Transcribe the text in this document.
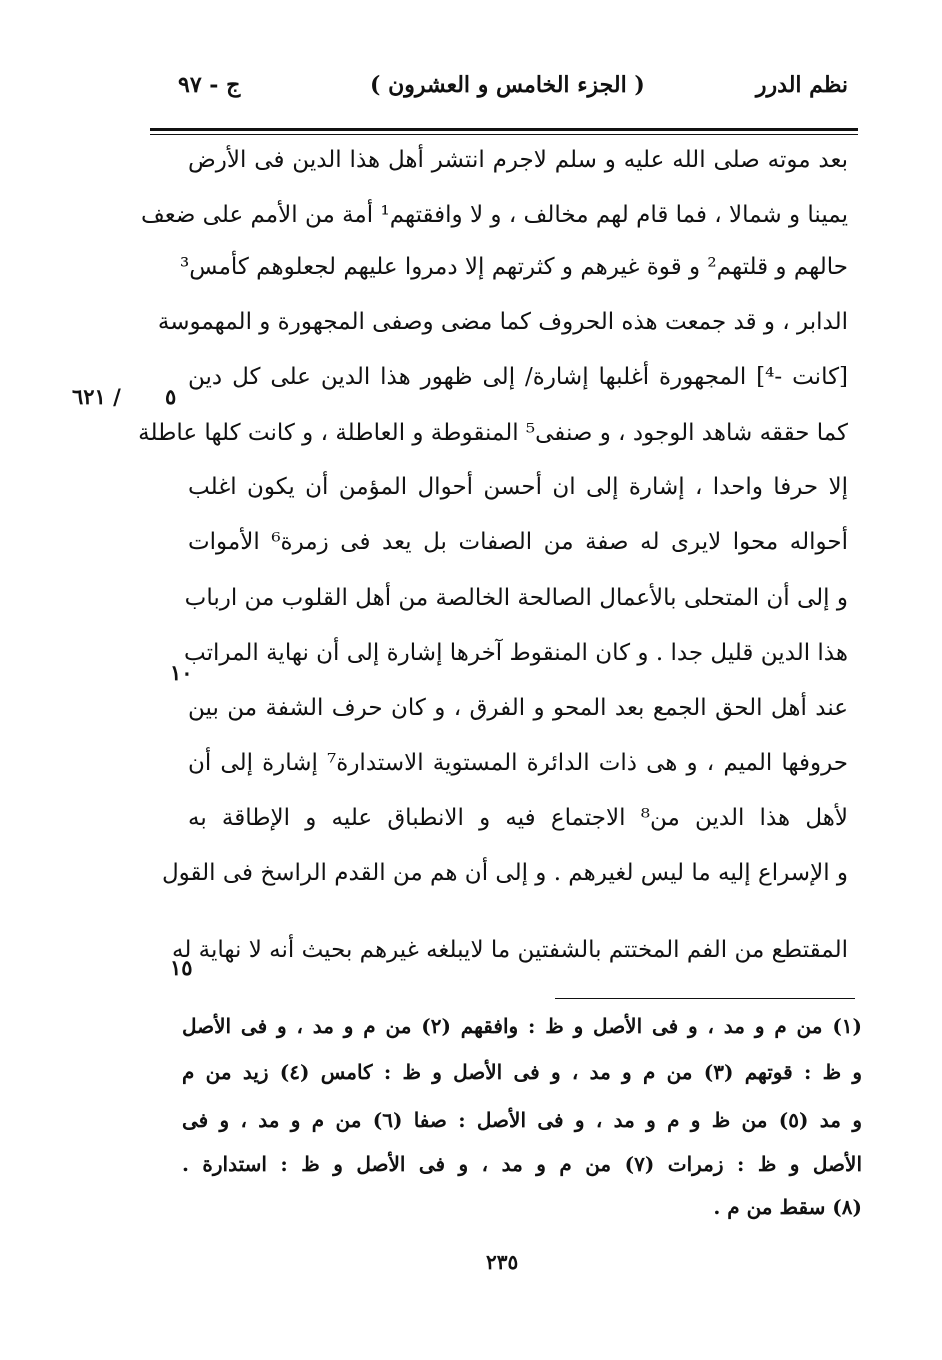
نظم الدرر
( الجزء الخامس و العشرون )
ج - ٩٧
بعد موته صلى الله عليه و سلم لاجرم انتشر أهل هذا الدين فى الأرض
يمينا و شمالا ، فما قام لهم مخالف ، و لا وافقتهم¹ أمة من الأمم على ضعف
حالهم و قلتهم² و قوة غيرهم و كثرتهم إلا دمروا عليهم لجعلوهم كأمس³
الدابر ، و قد جمعت هذه الحروف كما مضى وصفى المجهورة و المهموسة
[كانت -⁴] المجهورة أغلبها إشارة/ إلى ظهور هذا الدين على كل دين
كما حققه شاهد الوجود ، و صنفى⁵ المنقوطة و العاطلة ، و كانت كلها عاطلة
إلا حرفا واحدا ، إشارة إلى ان أحسن أحوال المؤمن أن يكون اغلب
أحواله محوا لايرى له صفة من الصفات بل يعد فى زمرة⁶ الأموات
و إلى أن المتحلى بالأعمال الصالحة الخالصة من أهل القلوب من ارباب
هذا الدين قليل جدا . و كان المنقوط آخرها إشارة إلى أن نهاية المراتب
عند أهل الحق الجمع بعد المحو و الفرق ، و كان حرف الشفة من بين
حروفها الميم ، و هى ذات الدائرة المستوية الاستدارة⁷ إشارة إلى أن
لأهل هذا الدين من⁸ الاجتماع فيه و الانطباق عليه و الإطاقة به
و الإسراع إليه ما ليس لغيرهم . و إلى أن هم من القدم الراسخ فى القول
المقتطع من الفم المختتم بالشفتين ما لايبلغه غيرهم بحيث أنه لا نهاية له
٥
٦٢١ /
١٠
١٥
(١) من م و مد ، و فى الأصل و ظ : وافقهم (٢) من م و مد ، و فى الأصل
و ظ : قوتهم (٣) من م و مد ، و فى الأصل و ظ : كامس (٤) زيد من م
و مد (٥) من ظ و م و مد ، و فى الأصل : صفا (٦) من م و مد ، و فى
الأصل و ظ : زمرات (٧) من م و مد ، و فى الأصل و ظ : استدارة .
(٨) سقط من م .
٢٣٥
